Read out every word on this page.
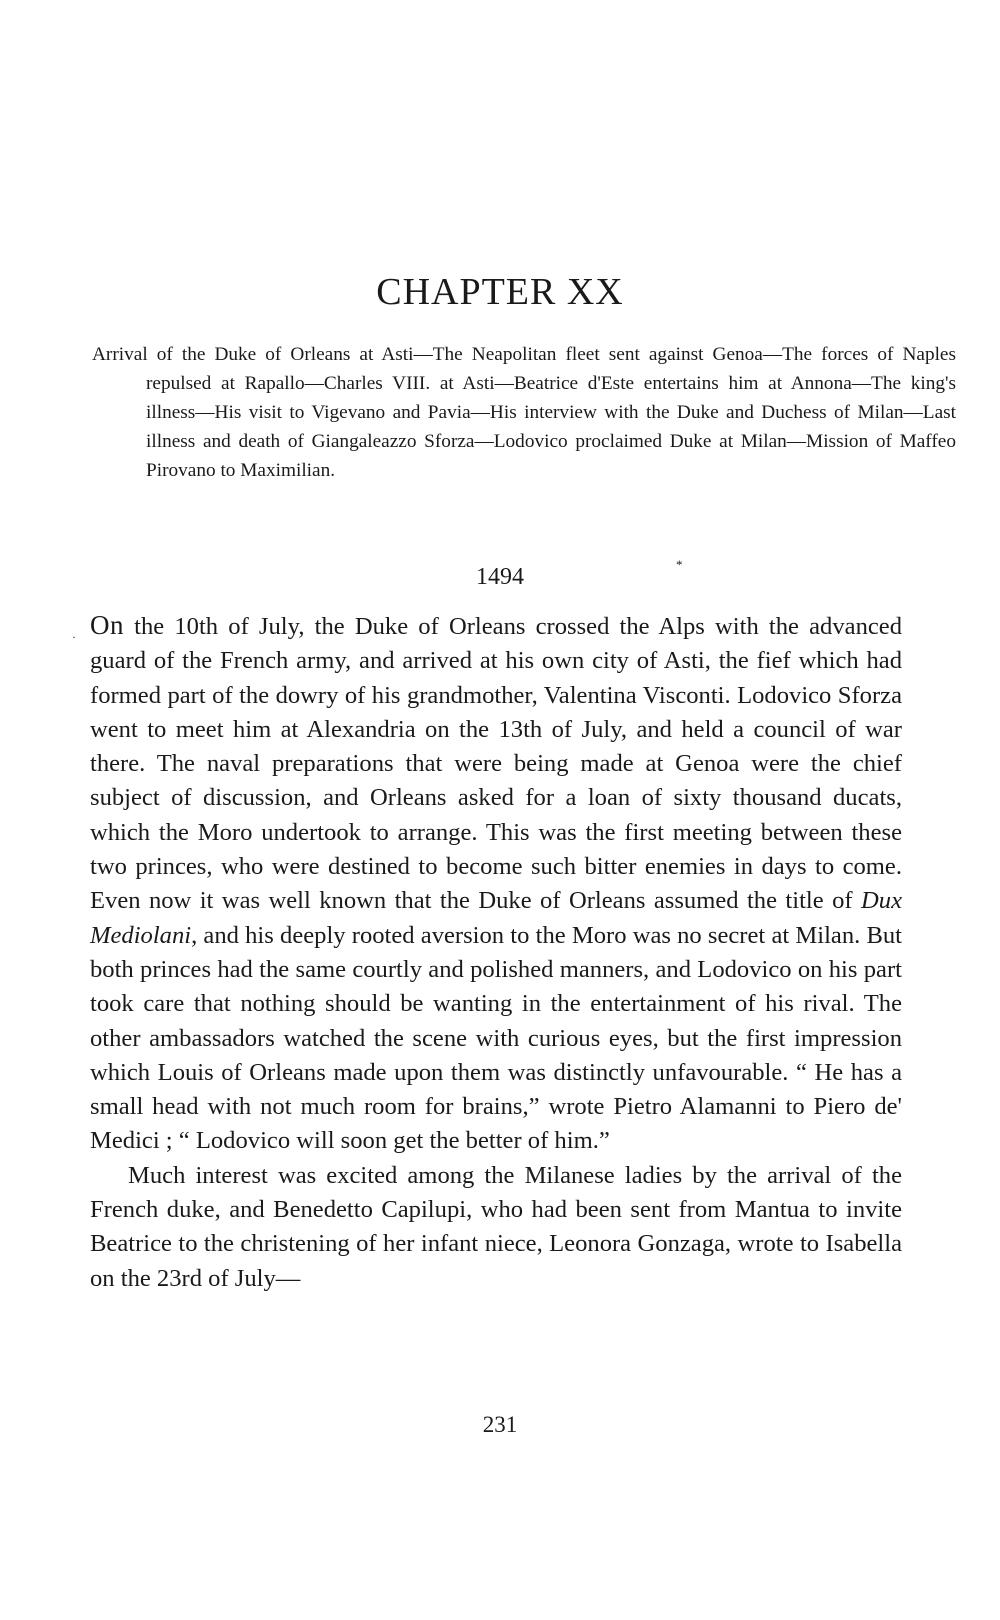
CHAPTER XX

Arrival of the Duke of Orleans at Asti—The Neapolitan fleet sent against Genoa—The forces of Naples repulsed at Rapallo—Charles VIII. at Asti—Beatrice d'Este entertains him at Annona—The king's illness—His visit to Vigevano and Pavia—His interview with the Duke and Duchess of Milan—Last illness and death of Giangaleazzo Sforza—Lodovico proclaimed Duke at Milan—Mission of Maffeo Pirovano to Maximilian.

1494	*
· On the 10th of July, the Duke of Orleans crossed the Alps with the advanced guard of the French army, and arrived at his own city of Asti, the fief which had formed part of the dowry of his grandmother, Valentina Visconti. Lodovico Sforza went to meet him at Alexandria on the 13th of July, and held a council of war there. The naval preparations that were being made at Genoa were the chief subject of discussion, and Orleans asked for a loan of sixty thousand ducats, which the Moro undertook to arrange. This was the first meeting between these two princes, who were destined to become such bitter enemies in days to come. Even now it was well known that the Duke of Orleans assumed the title of Dux Mediolani, and his deeply rooted aversion to the Moro was no secret at Milan. But both princes had the same courtly and polished manners, and Lodovico on his part took care that nothing should be wanting in the entertainment of his rival. The other ambassadors watched the scene with curious eyes, but the first impression which Louis of Orleans made upon them was distinctly unfavourable. “ He has a small head with not much room for brains,” wrote Pietro Alamanni to Piero de' Medici ; “ Lodovico will soon get the better of him.”

Much interest was excited among the Milanese ladies by the arrival of the French duke, and Benedetto Capilupi, who had been sent from Mantua to invite Beatrice to the christening of her infant niece, Leonora Gonzaga, wrote to Isabella on the 23rd of July—

231
